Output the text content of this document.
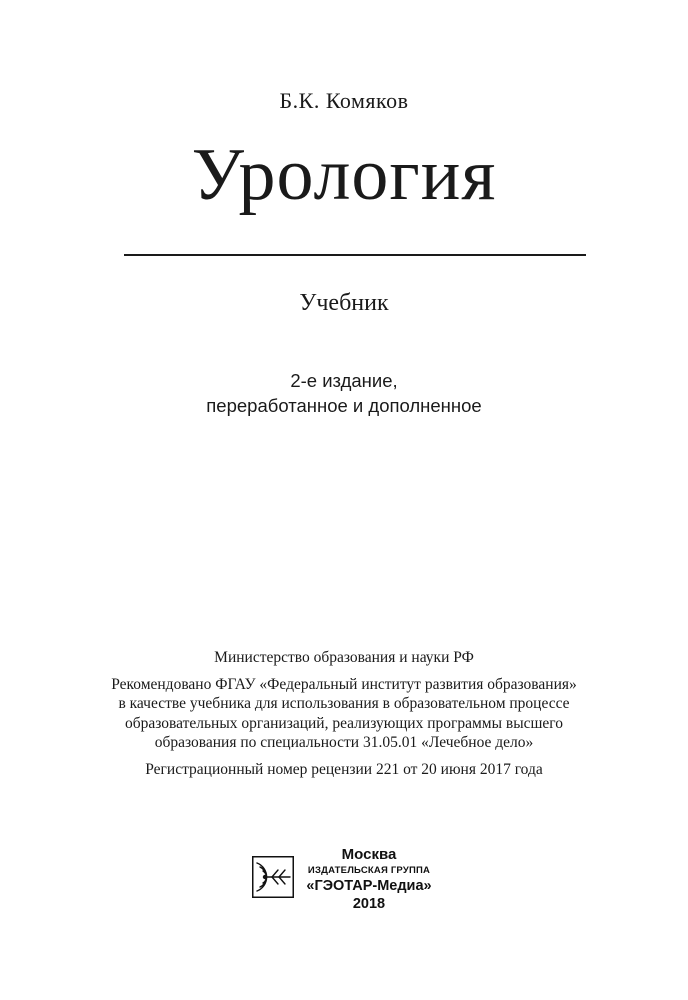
Б.К. Комяков
Урология
Учебник
2-е издание,
переработанное и дополненное
Министерство образования и науки РФ
Рекомендовано ФГАУ «Федеральный институт развития образования»
в качестве учебника для использования в образовательном процессе
образовательных организаций, реализующих программы высшего
образования по специальности 31.05.01 «Лечебное дело»
Регистрационный номер рецензии 221 от 20 июня 2017 года
Москва
ИЗДАТЕЛЬСКАЯ ГРУППА
«ГЭОТАР-Медиа»
2018
